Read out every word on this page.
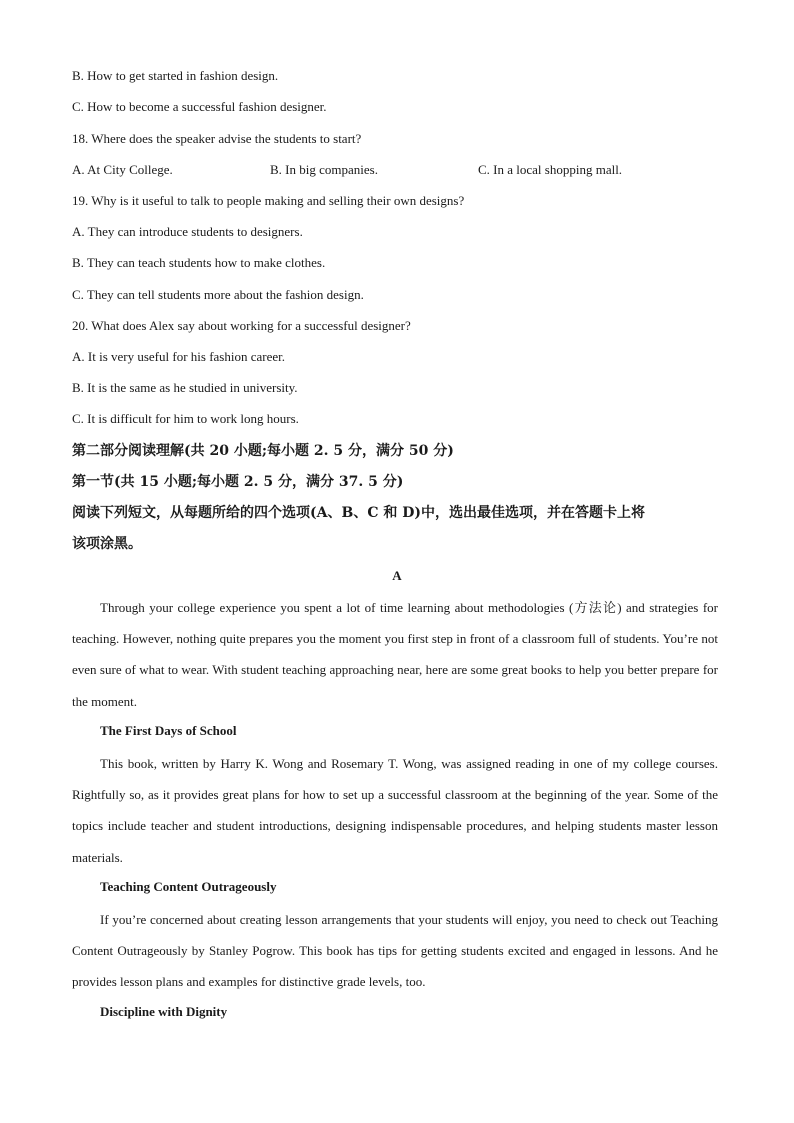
B. How to get started in fashion design.
C. How to become a successful fashion designer.
18. Where does the speaker advise the students to start?
A. At City College.	B. In big companies.	C. In a local shopping mall.
19. Why is it useful to talk to people making and selling their own designs?
A. They can introduce students to designers.
B. They can teach students how to make clothes.
C. They can tell students more about the fashion design.
20. What does Alex say about working for a successful designer?
A. It is very useful for his fashion career.
B. It is the same as he studied in university.
C. It is difficult for him to work long hours.
第二部分阅读理解(共 20 小题;每小题 2. 5 分，满分 50 分)
第一节(共 15 小题;每小题 2. 5 分，满分 37. 5 分)
阅读下列短文，从每题所给的四个选项(A、B、C 和 D)中，选出最佳选项，并在答题卡上将
该项涂黑。
A

Through your college experience you spent a lot of time learning about methodologies (方法论) and strategies for teaching. However, nothing quite prepares you the moment you first step in front of a classroom full of students. You’re not even sure of what to wear. With student teaching approaching near, here are some great books to help you better prepare for the moment.

The First Days of School

This book, written by Harry K. Wong and Rosemary T. Wong, was assigned reading in one of my college courses. Rightfully so, as it provides great plans for how to set up a successful classroom at the beginning of the year. Some of the topics include teacher and student introductions, designing indispensable procedures, and helping students master lesson materials.

Teaching Content Outrageously

If you’re concerned about creating lesson arrangements that your students will enjoy, you need to check out Teaching Content Outrageously by Stanley Pogrow. This book has tips for getting students excited and engaged in lessons. And he provides lesson plans and examples for distinctive grade levels, too.

Discipline with Dignity
